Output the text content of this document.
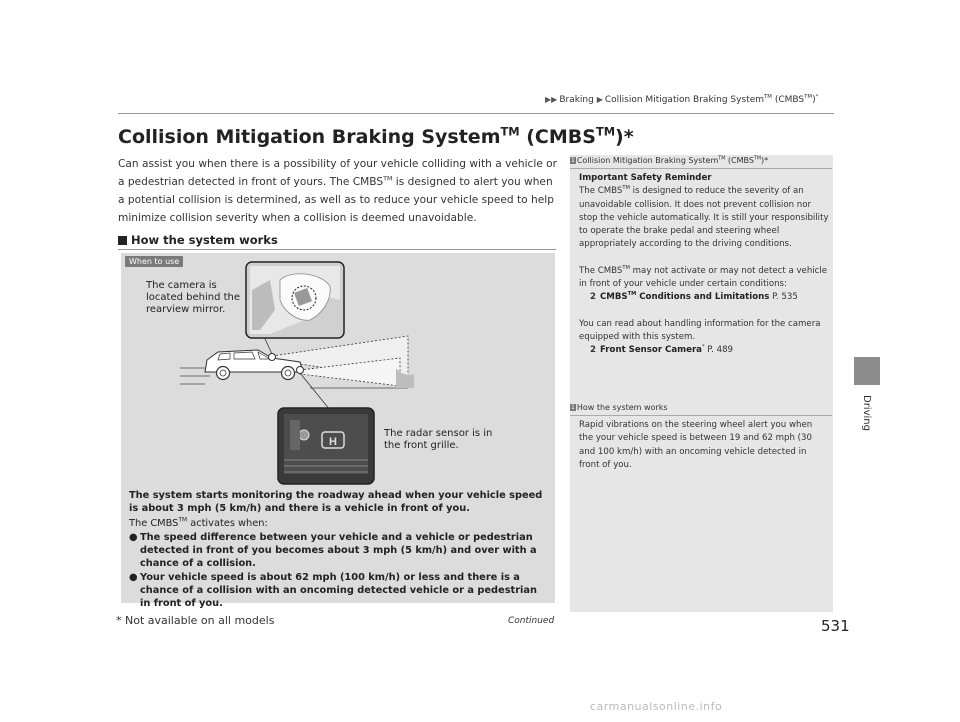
▶▶ Braking ▶ Collision Mitigation Braking System™ (CMBS™)*
Driving
Collision Mitigation Braking System™ (CMBS™)*
Can assist you when there is a possibility of your vehicle colliding with a vehicle or a pedestrian detected in front of yours. The CMBS™ is designed to alert you when a potential collision is determined, as well as to reduce your vehicle speed to help minimize collision severity when a collision is deemed unavoidable.
How the system works
When to use
H
The camera is located behind the rearview mirror.
The radar sensor is in the front grille.
The system starts monitoring the roadway ahead when your vehicle speed is about 3 mph (5 km/h) and there is a vehicle in front of you.
The CMBS™ activates when:

● The speed difference between your vehicle and a vehicle or pedestrian detected in front of you becomes about 3 mph (5 km/h) and over with a chance of a collision.

● Your vehicle speed is about 62 mph (100 km/h) or less and there is a chance of a collision with an oncoming detected vehicle or a pedestrian in front of you.

1 Collision Mitigation Braking System™ (CMBS™)*
Important Safety Reminder
The CMBS™ is designed to reduce the severity of an unavoidable collision. It does not prevent collision nor stop the vehicle automatically. It is still your responsibility to operate the brake pedal and steering wheel appropriately according to the driving conditions.
The CMBS™ may not activate or may not detect a vehicle in front of your vehicle under certain conditions:
2 CMBS™ Conditions and Limitations P. 535
You can read about handling information for the camera equipped with this system.
2 Front Sensor Camera* P. 489
1 How the system works
Rapid vibrations on the steering wheel alert you when the your vehicle speed is between 19 and 62 mph (30 and 100 km/h) with an oncoming vehicle detected in front of you.
* Not available on all models	Continued	531
carmanualsonline.info
